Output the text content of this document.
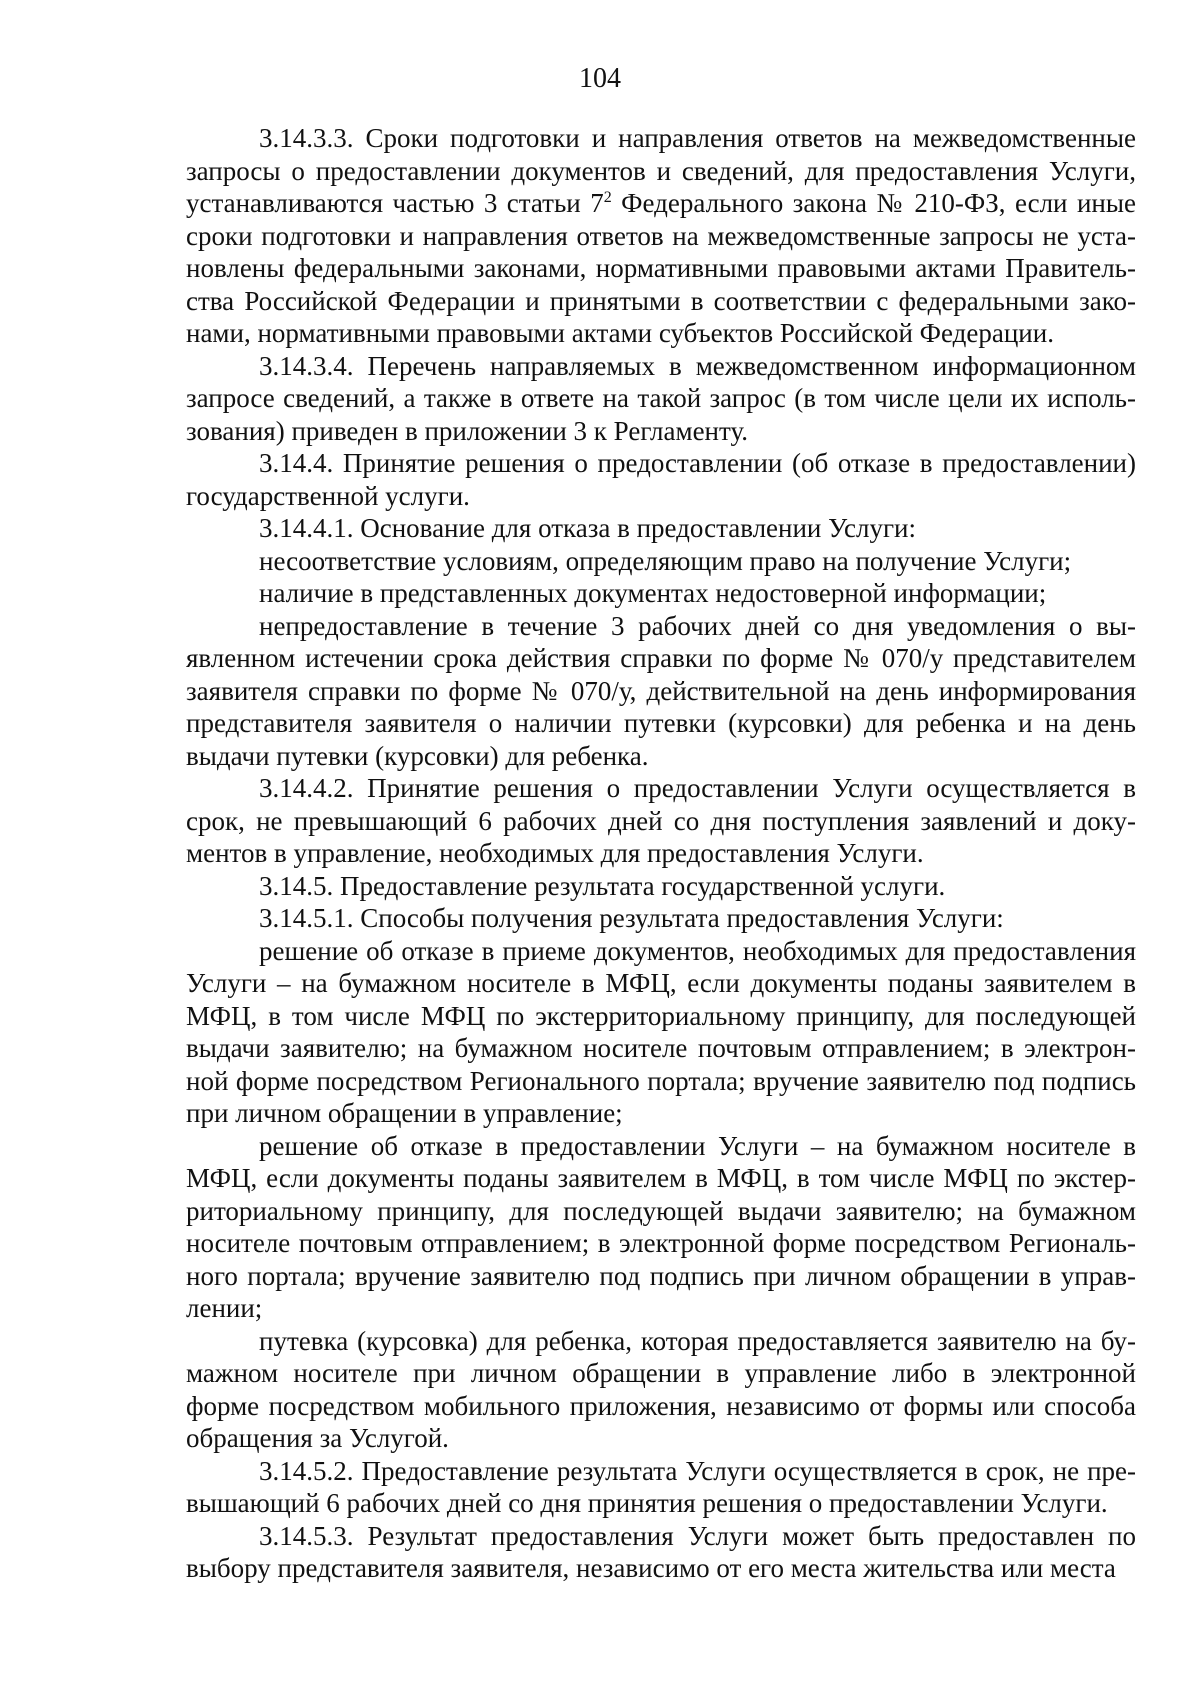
104

3.14.3.3. Сроки подготовки и направления ответов на межведомственные запросы о предоставлении документов и сведений, для предоставления Услуги, устанавливаются частью 3 статьи $7^2$ Федерального закона № 210-ФЗ, если иные сроки подготовки и направления ответов на межведомственные запросы не установлены федеральными законами, нормативными правовыми актами Правительства Российской Федерации и принятыми в соответствии с федеральными законами, нормативными правовыми актами субъектов Российской Федерации.

3.14.3.4. Перечень направляемых в межведомственном информационном запросе сведений, а также в ответе на такой запрос (в том числе цели их использования) приведен в приложении 3 к Регламенту.

3.14.4. Принятие решения о предоставлении (об отказе в предоставлении) государственной услуги.

3.14.4.1. Основание для отказа в предоставлении Услуги:

несоответствие условиям, определяющим право на получение Услуги;

наличие в представленных документах недостоверной информации;

непредоставление в течение 3 рабочих дней со дня уведомления о выявленном истечении срока действия справки по форме № 070/у представителем заявителя справки по форме № 070/у, действительной на день информирования представителя заявителя о наличии путевки (курсовки) для ребенка и на день выдачи путевки (курсовки) для ребенка.

3.14.4.2. Принятие решения о предоставлении Услуги осуществляется в срок, не превышающий 6 рабочих дней со дня поступления заявлений и документов в управление, необходимых для предоставления Услуги.

3.14.5. Предоставление результата государственной услуги.

3.14.5.1. Способы получения результата предоставления Услуги:

решение об отказе в приеме документов, необходимых для предоставления Услуги – на бумажном носителе в МФЦ, если документы поданы заявителем в МФЦ, в том числе МФЦ по экстерриториальному принципу, для последующей выдачи заявителю; на бумажном носителе почтовым отправлением; в электронной форме посредством Регионального портала; вручение заявителю под подпись при личном обращении в управление;

решение об отказе в предоставлении Услуги – на бумажном носителе в МФЦ, если документы поданы заявителем в МФЦ, в том числе МФЦ по экстерриториальному принципу, для последующей выдачи заявителю; на бумажном носителе почтовым отправлением; в электронной форме посредством Регионального портала; вручение заявителю под подпись при личном обращении в управлении;

путевка (курсовка) для ребенка, которая предоставляется заявителю на бумажном носителе при личном обращении в управление либо в электронной форме посредством мобильного приложения, независимо от формы или способа обращения за Услугой.

3.14.5.2. Предоставление результата Услуги осуществляется в срок, не превышающий 6 рабочих дней со дня принятия решения о предоставлении Услуги.

3.14.5.3. Результат предоставления Услуги может быть предоставлен по выбору представителя заявителя, независимо от его места жительства или места
